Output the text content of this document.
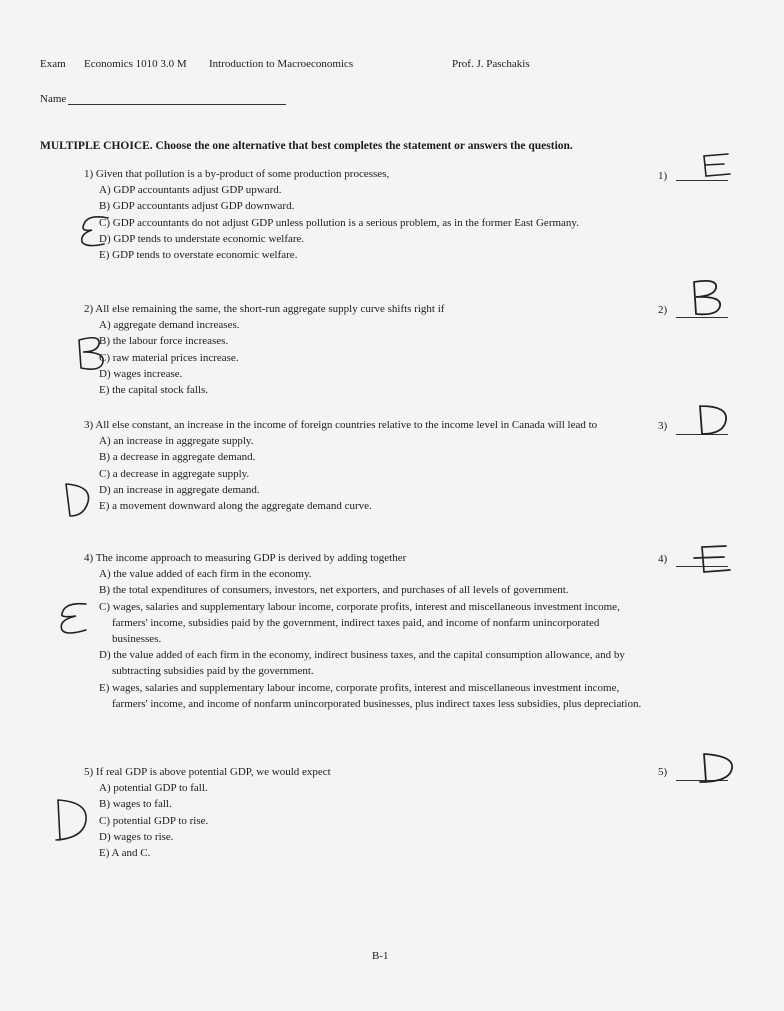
Exam Economics 1010 3.0 M Introduction to Macroeconomics	Prof. J. Paschakis
Name
MULTIPLE CHOICE. Choose the one alternative that best completes the statement or answers the question.
1) Given that pollution is a by-product of some production processes,
A) GDP accountants adjust GDP upward.
B) GDP accountants adjust GDP downward.
C) GDP accountants do not adjust GDP unless pollution is a serious problem, as in the former East Germany.
D) GDP tends to understate economic welfare.
E) GDP tends to overstate economic welfare.
1)
2) All else remaining the same, the short-run aggregate supply curve shifts right if
A) aggregate demand increases.
B) the labour force increases.
C) raw material prices increase.
D) wages increase.
E) the capital stock falls.
2)
3) All else constant, an increase in the income of foreign countries relative to the income level in Canada will lead to
A) an increase in aggregate supply.
B) a decrease in aggregate demand.
C) a decrease in aggregate supply.
D) an increase in aggregate demand.
E) a movement downward along the aggregate demand curve.
3)
4) The income approach to measuring GDP is derived by adding together
A) the value added of each firm in the economy.
B) the total expenditures of consumers, investors, net exporters, and purchases of all levels of government.
C) wages, salaries and supplementary labour income, corporate profits, interest and miscellaneous investment income, farmers' income, subsidies paid by the government, indirect taxes paid, and income of nonfarm unincorporated businesses.
D) the value added of each firm in the economy, indirect business taxes, and the capital consumption allowance, and by subtracting subsidies paid by the government.
E) wages, salaries and supplementary labour income, corporate profits, interest and miscellaneous investment income, farmers' income, and income of nonfarm unincorporated businesses, plus indirect taxes less subsidies, plus depreciation.
4)
5) If real GDP is above potential GDP, we would expect
A) potential GDP to fall.
B) wages to fall.
C) potential GDP to rise.
D) wages to rise.
E) A and C.
5)
B-1
